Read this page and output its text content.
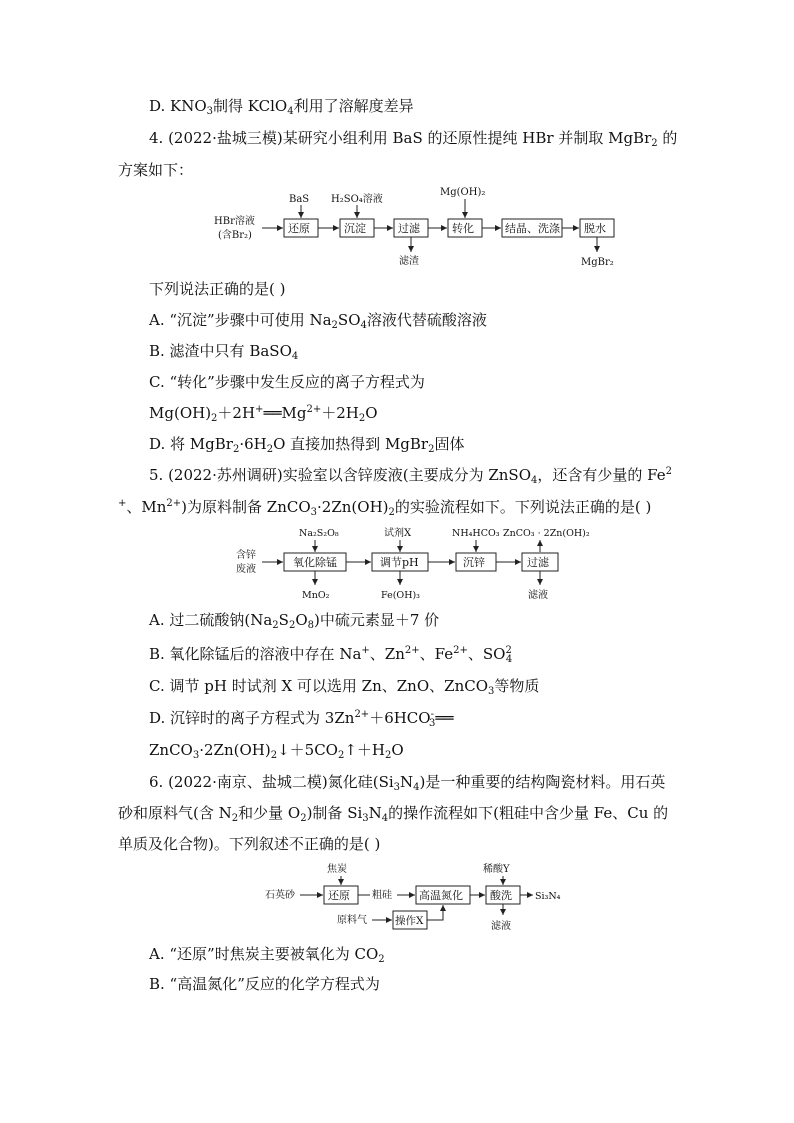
D. $KNO_3$制得 KClO$_4$利用了溶解度差异
4. (2022·盐城三模)某研究小组利用 BaS 的还原性提纯 HBr 并制取 MgBr$_2$ 的
方案如下：
HBr溶液
(含Br₂)
还原	沉淀	过滤	转化	结晶、洗涤 脱水
BaS H₂SO₄溶液
Mg(OH)₂
滤渣	MgBr₂
下列说法正确的是( )
A. “沉淀”步骤中可使用 $Na_2SO_4$溶液代替硫酸溶液
B. 滤渣中只有 BaSO$_4$
C. “转化”步骤中发生反应的离子方程式为
$Mg(OH)_2+2H^+══Mg^{2+}+2H_2O$
D. 将 $MgBr_2\cdot 6H_2O$ 直接加热得到 MgBr$_2$固体
5. (2022·苏州调研)实验室以含锌废液(主要成分为 ZnSO$_4$，还含有少量的 Fe$^2$
+、$Mn^{2+}$)为原料制备 $ZnCO_3\cdot 2Zn(OH)_2$的实验流程如下。下列说法正确的是( )
含锌
废液
氧化除锰	调节pH	沉锌	过滤
Na₂S₂O₈	试剂X	NH₄HCO₃ ZnCO₃ · 2Zn(OH)₂
MnO₂	Fe(OH)₃	滤液
A. 过二硫酸钠$(Na_2S_2O_8)$中硫元素显＋7 价
B. 氧化除锰后的溶液中存在 Na+、$Zn^{2+}$、$Fe^{2+}$、$SO^2_4$
C. 调节 pH 时试剂 X 可以选用 Zn、ZnO、ZnCO$_3$等物质
D. 沉锌时的离子方程式为 $3Zn^{2+}+6HCO^-_3══$
$ZnCO_3\cdot 2Zn(OH)_2↓+5CO_2↑+H_2O$
6. (2022·南京、盐城二模)氮化硅$(Si_3N_4)$是一种重要的结构陶瓷材料。用石英
砂和原料气(含 $N_2$和少量 $O_2$)制备 $Si_3N_4$的操作流程如下(粗硅中含少量 Fe、Cu 的
单质及化合物)。下列叙述不正确的是( )
石英砂	还原 粗硅 高温氮化 酸洗 Si₃N₄
焦炭	稀酸Y
滤液
原料气	操作X
A. “还原”时焦炭主要被氧化为 $CO_2$
B. “高温氮化”反应的化学方程式为
